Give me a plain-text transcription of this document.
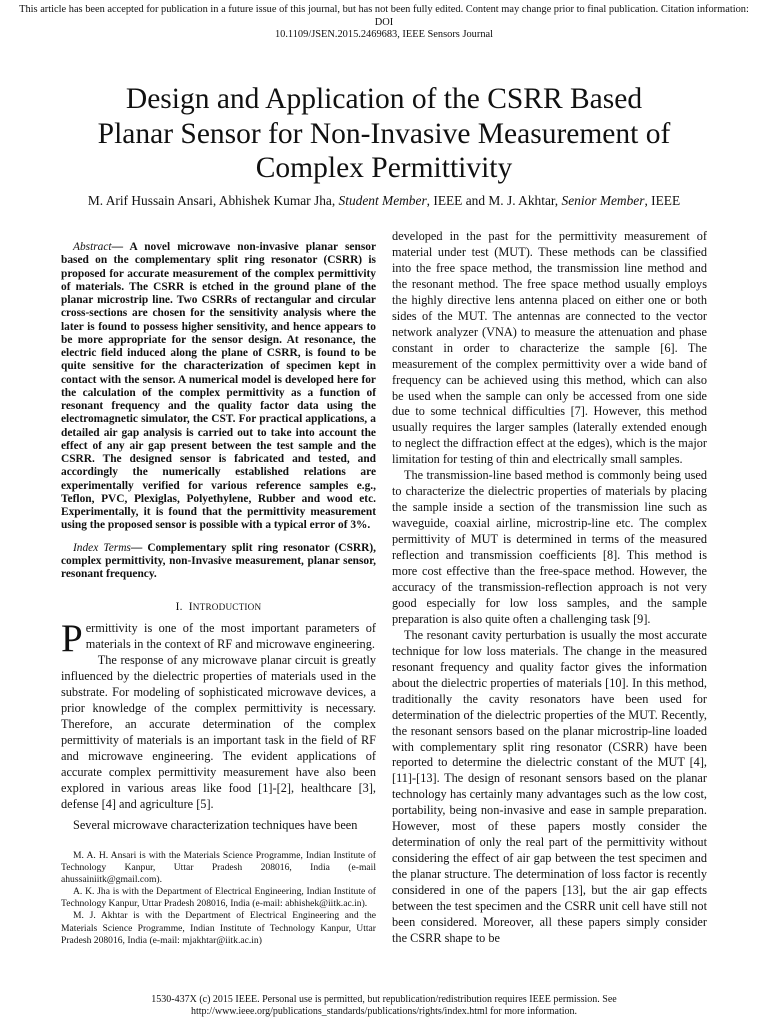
This article has been accepted for publication in a future issue of this journal, but has not been fully edited. Content may change prior to final publication. Citation information: DOI
10.1109/JSEN.2015.2469683, IEEE Sensors Journal
Design and Application of the CSRR Based
Planar Sensor for Non-Invasive Measurement of
Complex Permittivity
M. Arif Hussain Ansari, Abhishek Kumar Jha, Student Member, IEEE and M. J. Akhtar, Senior Member, IEEE

Abstract— A novel microwave non-invasive planar sensor based on the complementary split ring resonator (CSRR) is proposed for accurate measurement of the complex permittivity of materials. The CSRR is etched in the ground plane of the planar microstrip line. Two CSRRs of rectangular and circular cross-sections are chosen for the sensitivity analysis where the later is found to possess higher sensitivity, and hence appears to be more appropriate for the sensor design. At resonance, the electric field induced along the plane of CSRR, is found to be quite sensitive for the characterization of specimen kept in contact with the sensor. A numerical model is developed here for the calculation of the complex permittivity as a function of resonant frequency and the quality factor data using the electromagnetic simulator, the CST. For practical applications, a detailed air gap analysis is carried out to take into account the effect of any air gap present between the test sample and the CSRR. The designed sensor is fabricated and tested, and accordingly the numerically established relations are experimentally verified for various reference samples e.g., Teflon, PVC, Plexiglas, Polyethylene, Rubber and wood etc. Experimentally, it is found that the permittivity measurement using the proposed sensor is possible with a typical error of 3%.

Index Terms— Complementary split ring resonator (CSRR), complex permittivity, non-Invasive measurement, planar sensor, resonant frequency.

I. INTRODUCTION

Permittivity is one of the most important parameters of materials in the context of RF and microwave engineering.

The response of any microwave planar circuit is greatly influenced by the dielectric properties of materials used in the substrate. For modeling of sophisticated microwave devices, a prior knowledge of the complex permittivity is necessary. Therefore, an accurate determination of the complex permittivity of materials is an important task in the field of RF and microwave engineering. The evident applications of accurate complex permittivity measurement have also been explored in various areas like food [1]-[2], healthcare [3], defense [4] and agriculture [5].

Several microwave characterization techniques have been

M. A. H. Ansari is with the Materials Science Programme, Indian Institute of Technology Kanpur, Uttar Pradesh 208016, India (e-mail ahussainiitk@gmail.com).

A. K. Jha is with the Department of Electrical Engineering, Indian Institute of Technology Kanpur, Uttar Pradesh 208016, India (e-mail: abhishek@iitk.ac.in).

M. J. Akhtar is with the Department of Electrical Engineering and the Materials Science Programme, Indian Institute of Technology Kanpur, Uttar Pradesh 208016, India (e-mail: mjakhtar@iitk.ac.in)

developed in the past for the permittivity measurement of material under test (MUT). These methods can be classified into the free space method, the transmission line method and the resonant method. The free space method usually employs the highly directive lens antenna placed on either one or both sides of the MUT. The antennas are connected to the vector network analyzer (VNA) to measure the attenuation and phase constant in order to characterize the sample [6]. The measurement of the complex permittivity over a wide band of frequency can be achieved using this method, which can also be used when the sample can only be accessed from one side due to some technical difficulties [7]. However, this method usually requires the larger samples (laterally extended enough to neglect the diffraction effect at the edges), which is the major limitation for testing of thin and electrically small samples.

The transmission-line based method is commonly being used to characterize the dielectric properties of materials by placing the sample inside a section of the transmission line such as waveguide, coaxial airline, microstrip-line etc. The complex permittivity of MUT is determined in terms of the measured reflection and transmission coefficients [8]. This method is more cost effective than the free-space method. However, the accuracy of the transmission-reflection approach is not very good especially for low loss samples, and the sample preparation is also quite often a challenging task [9].

The resonant cavity perturbation is usually the most accurate technique for low loss materials. The change in the measured resonant frequency and quality factor gives the information about the dielectric properties of materials [10]. In this method, traditionally the cavity resonators have been used for determination of the dielectric properties of the MUT. Recently, the resonant sensors based on the planar microstrip-line loaded with complementary split ring resonator (CSRR) have been reported to determine the dielectric constant of the MUT [4], [11]-[13]. The design of resonant sensors based on the planar technology has certainly many advantages such as the low cost, portability, being non-invasive and ease in sample preparation. However, most of these papers mostly consider the determination of only the real part of the permittivity without considering the effect of air gap between the test specimen and the planar structure. The determination of loss factor is recently considered in one of the papers [13], but the air gap effects between the test specimen and the CSRR unit cell have still not been considered. Moreover, all these papers simply consider the CSRR shape to be

1530-437X (c) 2015 IEEE. Personal use is permitted, but republication/redistribution requires IEEE permission. See
http://www.ieee.org/publications_standards/publications/rights/index.html for more information.
